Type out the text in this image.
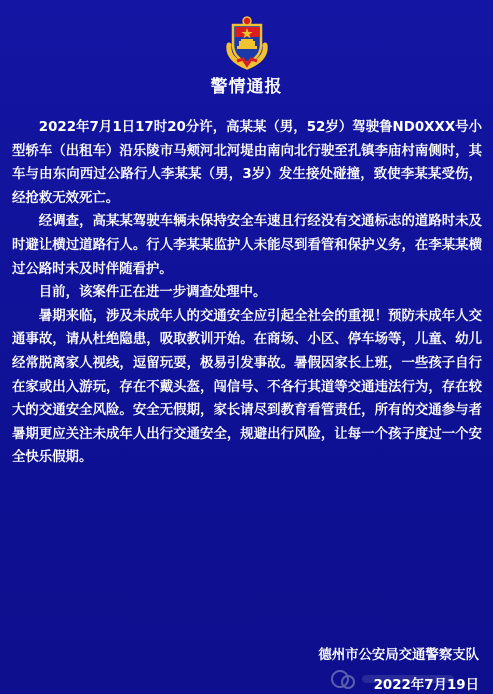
警情通报

2022年7月1日17时20分许，高某某（男，52岁）驾驶鲁ND0XXX号小型轿车（出租车）沿乐陵市马颊河北河堤由南向北行驶至孔镇李庙村南侧时，其车与由东向西过公路行人李某某（男，3岁）发生接处碰撞，致使李某某受伤，经抢救无效死亡。

经调查，高某某驾驶车辆未保持安全车速且行经没有交通标志的道路时未及时避让横过道路行人。行人李某某监护人未能尽到看管和保护义务，在李某某横过公路时未及时伴随看护。

目前，该案件正在进一步调查处理中。

暑期来临，涉及未成年人的交通安全应引起全社会的重视！预防未成年人交通事故，请从杜绝隐患，吸取教训开始。在商场、小区、停车场等，儿童、幼儿经常脱离家人视线，逗留玩耍，极易引发事故。暑假因家长上班，一些孩子自行在家或出入游玩，存在不戴头盔，闯信号、不各行其道等交通违法行为，存在较大的交通安全风险。安全无假期，家长请尽到教育看管责任，所有的交通参与者暑期更应关注未成年人出行交通安全，规避出行风险，让每一个孩子度过一个安全快乐假期。

德州市公安局交通警察支队
2022年7月19日
